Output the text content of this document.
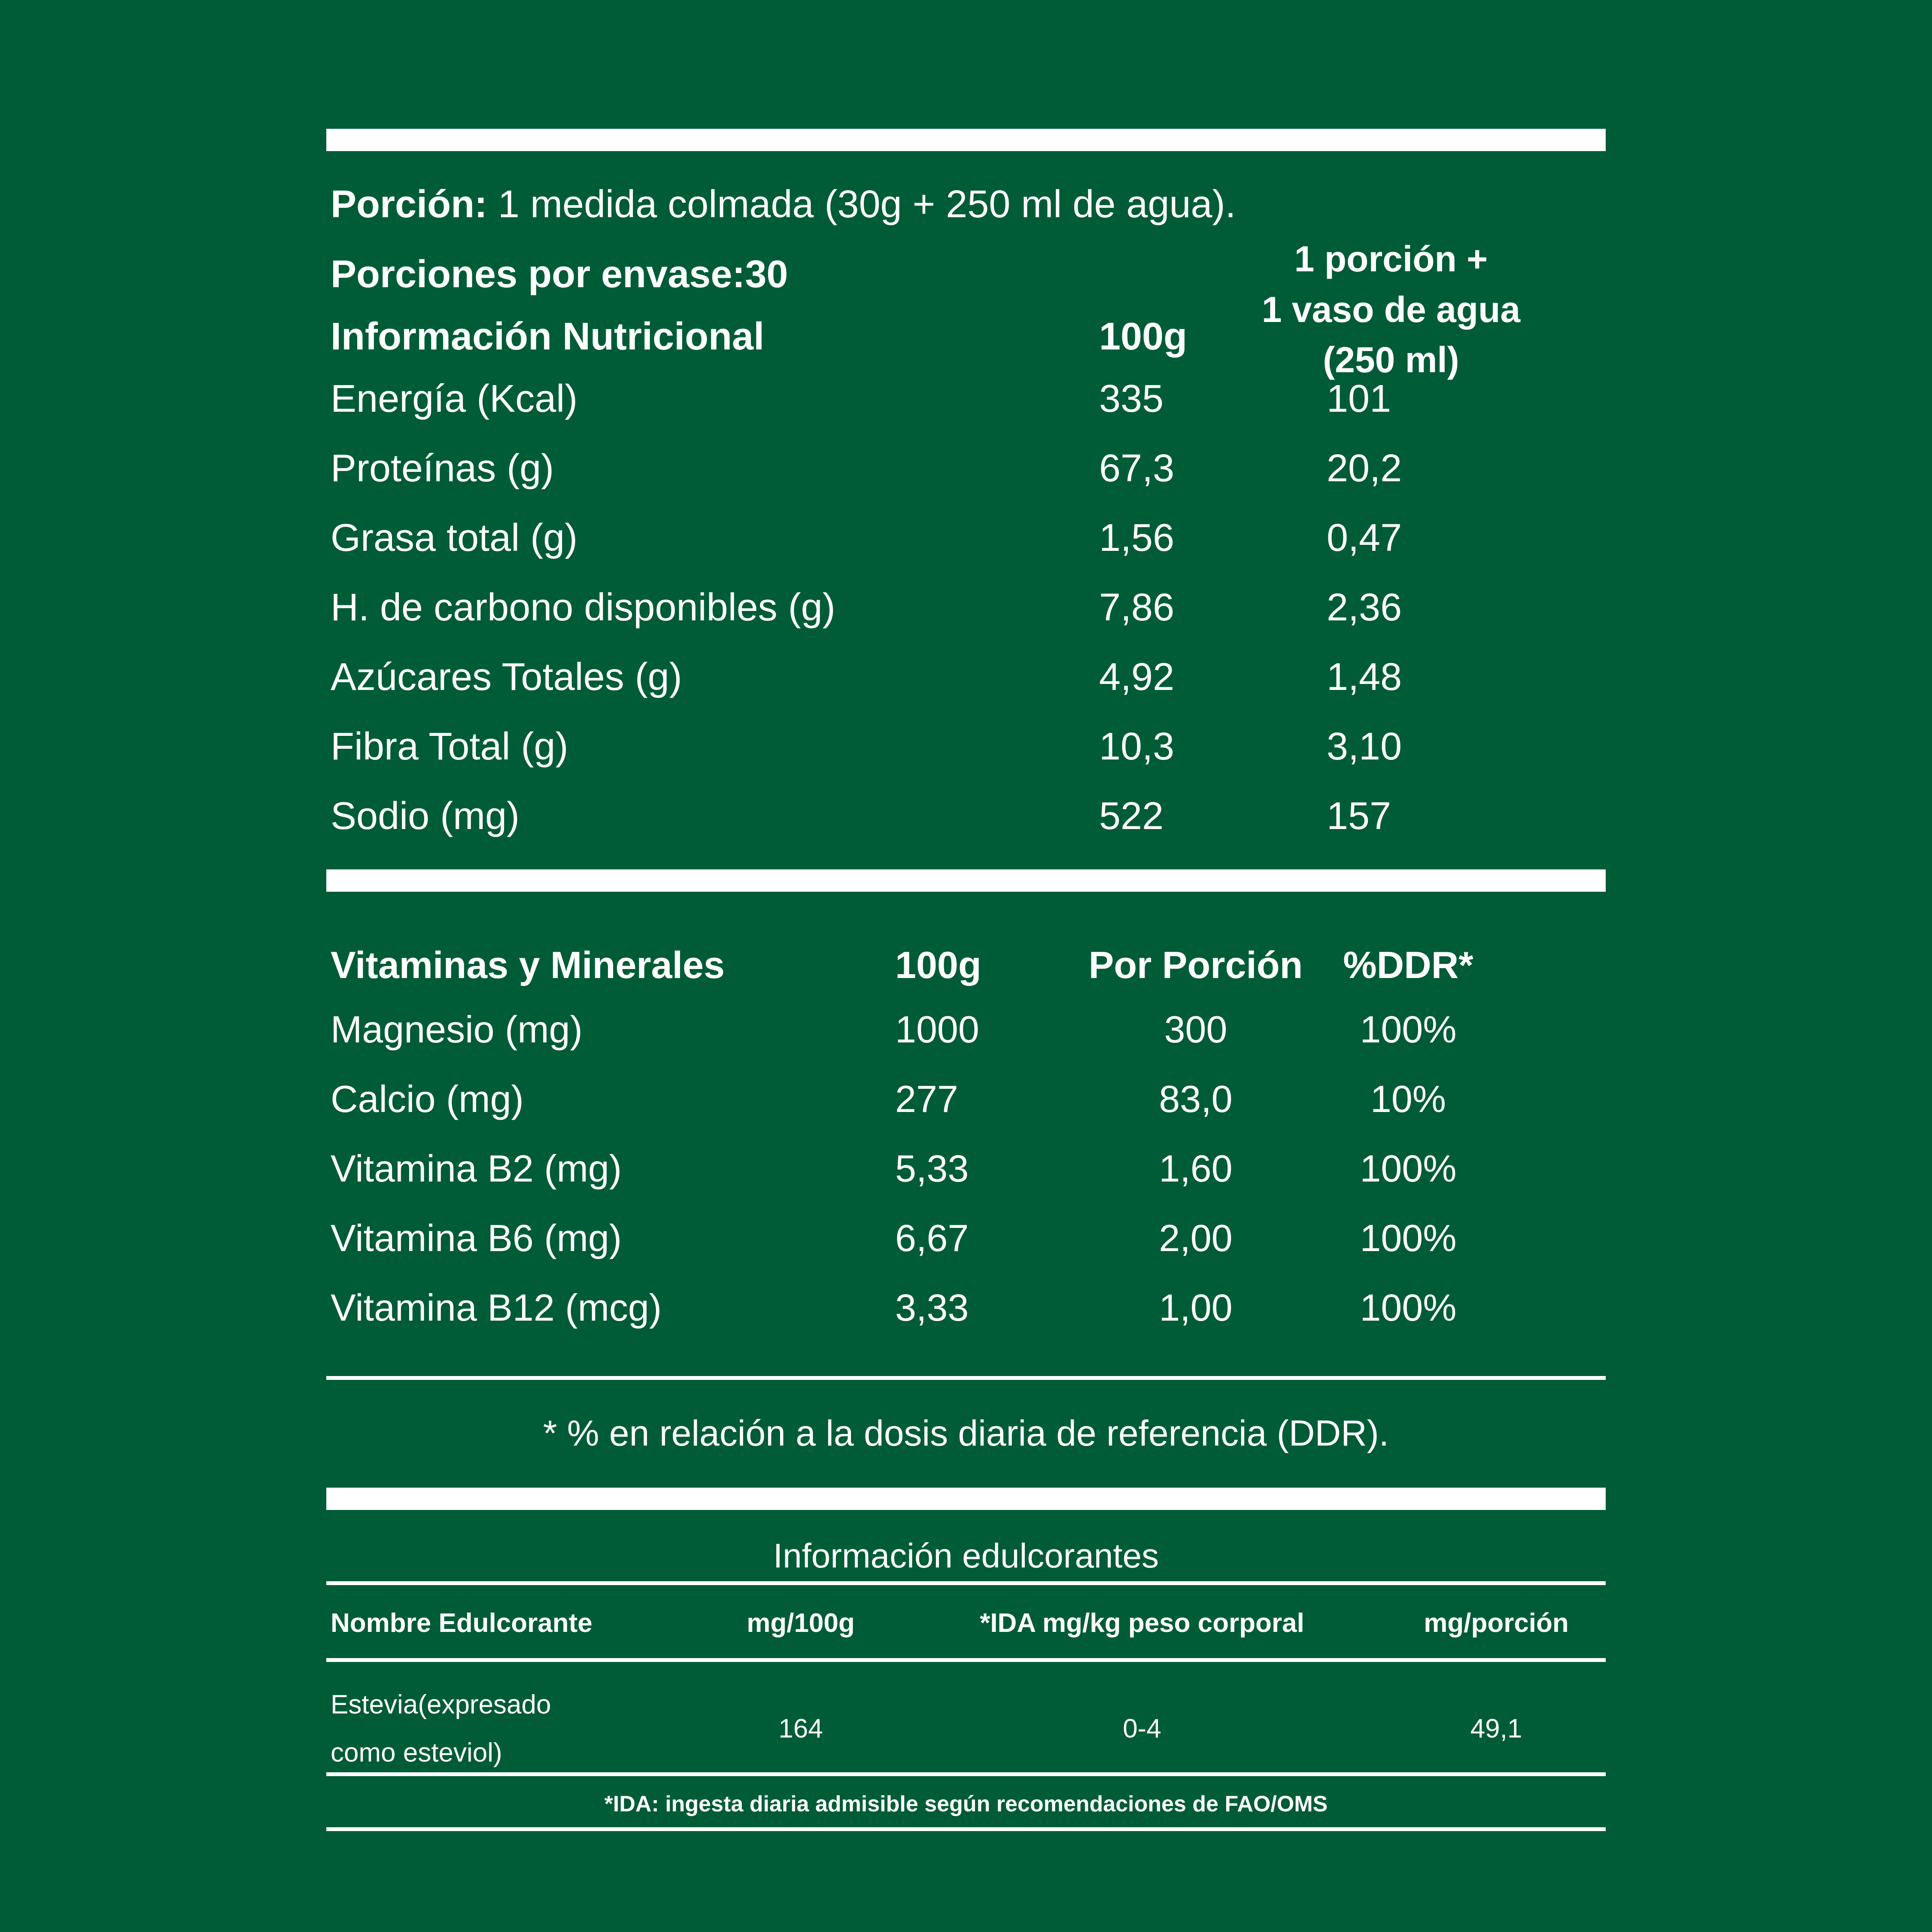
Porción: 1 medida colmada (30g + 250 ml de agua).
Porciones por envase:30	1 porción +
1 vaso de agua
(250 ml)
Información Nutricional	100g
Energía (Kcal)	335	101
Proteínas (g)	67,3	20,2
Grasa total (g)	1,56	0,47
H. de carbono disponibles (g)	7,86	2,36
Azúcares Totales (g)	4,92	1,48
Fibra Total (g)	10,3	3,10
Sodio (mg)	522	157
Vitaminas y Minerales	100g	Por Porción	%DDR*
Magnesio (mg)	1000	300	100%
Calcio (mg)	277	83,0	10%
Vitamina B2 (mg)	5,33	1,60	100%
Vitamina B6 (mg)	6,67	2,00	100%
Vitamina B12 (mcg)	3,33	1,00	100%
* % en relación a la dosis diaria de referencia (DDR).
Información edulcorantes
Nombre Edulcorante	mg/100g	*IDA mg/kg peso corporal	mg/porción
Estevia(expresado
como esteviol)
164	0-4	49,1
*IDA: ingesta diaria admisible según recomendaciones de FAO/OMS
